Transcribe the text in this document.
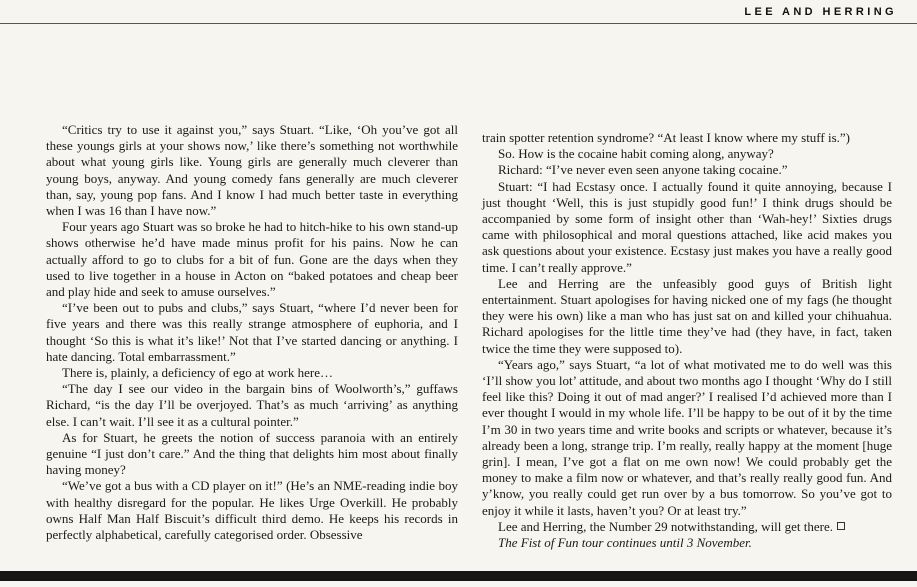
LEE AND HERRING

“Critics try to use it against you,” says Stuart. “Like, ‘Oh you’ve got all these youngs girls at your shows now,’ like there’s something not worthwhile about what young girls like. Young girls are generally much cleverer than young boys, anyway. And young comedy fans generally are much cleverer than, say, young pop fans. And I know I had much better taste in everything when I was 16 than I have now.”

Four years ago Stuart was so broke he had to hitch-hike to his own stand-up shows otherwise he’d have made minus profit for his pains. Now he can actually afford to go to clubs for a bit of fun. Gone are the days when they used to live together in a house in Acton on “baked potatoes and cheap beer and play hide and seek to amuse ourselves.”

“I’ve been out to pubs and clubs,” says Stuart, “where I’d never been for five years and there was this really strange atmosphere of euphoria, and I thought ‘So this is what it’s like!’ Not that I’ve started dancing or anything. I hate dancing. Total embarrassment.”

There is, plainly, a deficiency of ego at work here…

“The day I see our video in the bargain bins of Woolworth’s,” guffaws Richard, “is the day I’ll be overjoyed. That’s as much ‘arriving’ as anything else. I can’t wait. I’ll see it as a cultural pointer.”

As for Stuart, he greets the notion of success paranoia with an entirely genuine “I just don’t care.” And the thing that delights him most about finally having money?

“We’ve got a bus with a CD player on it!” (He’s an NME-reading indie boy with healthy disregard for the popular. He likes Urge Overkill. He probably owns Half Man Half Biscuit’s difficult third demo. He keeps his records in perfectly alphabetical, carefully categorised order. Obsessive

train spotter retention syndrome? “At least I know where my stuff is.”)

So. How is the cocaine habit coming along, anyway?

Richard: “I’ve never even seen anyone taking cocaine.”

Stuart: “I had Ecstasy once. I actually found it quite annoying, because I just thought ‘Well, this is just stupidly good fun!’ I think drugs should be accompanied by some form of insight other than ‘Wah-hey!’ Sixties drugs came with philosophical and moral questions attached, like acid makes you ask questions about your existence. Ecstasy just makes you have a really good time. I can’t really approve.”

Lee and Herring are the unfeasibly good guys of British light entertainment. Stuart apologises for having nicked one of my fags (he thought they were his own) like a man who has just sat on and killed your chihuahua. Richard apologises for the little time they’ve had (they have, in fact, taken twice the time they were supposed to).

“Years ago,” says Stuart, “a lot of what motivated me to do well was this ‘I’ll show you lot’ attitude, and about two months ago I thought ‘Why do I still feel like this? Doing it out of mad anger?’ I realised I’d achieved more than I ever thought I would in my whole life. I’ll be happy to be out of it by the time I’m 30 in two years time and write books and scripts or whatever, because it’s already been a long, strange trip. I’m really, really happy at the moment [huge grin]. I mean, I’ve got a flat on me own now! We could probably get the money to make a film now or whatever, and that’s really really good fun. And y’know, you really could get run over by a bus tomorrow. So you’ve got to enjoy it while it lasts, haven’t you? Or at least try.”

Lee and Herring, the Number 29 notwithstanding, will get there.

The Fist of Fun tour continues until 3 November.
